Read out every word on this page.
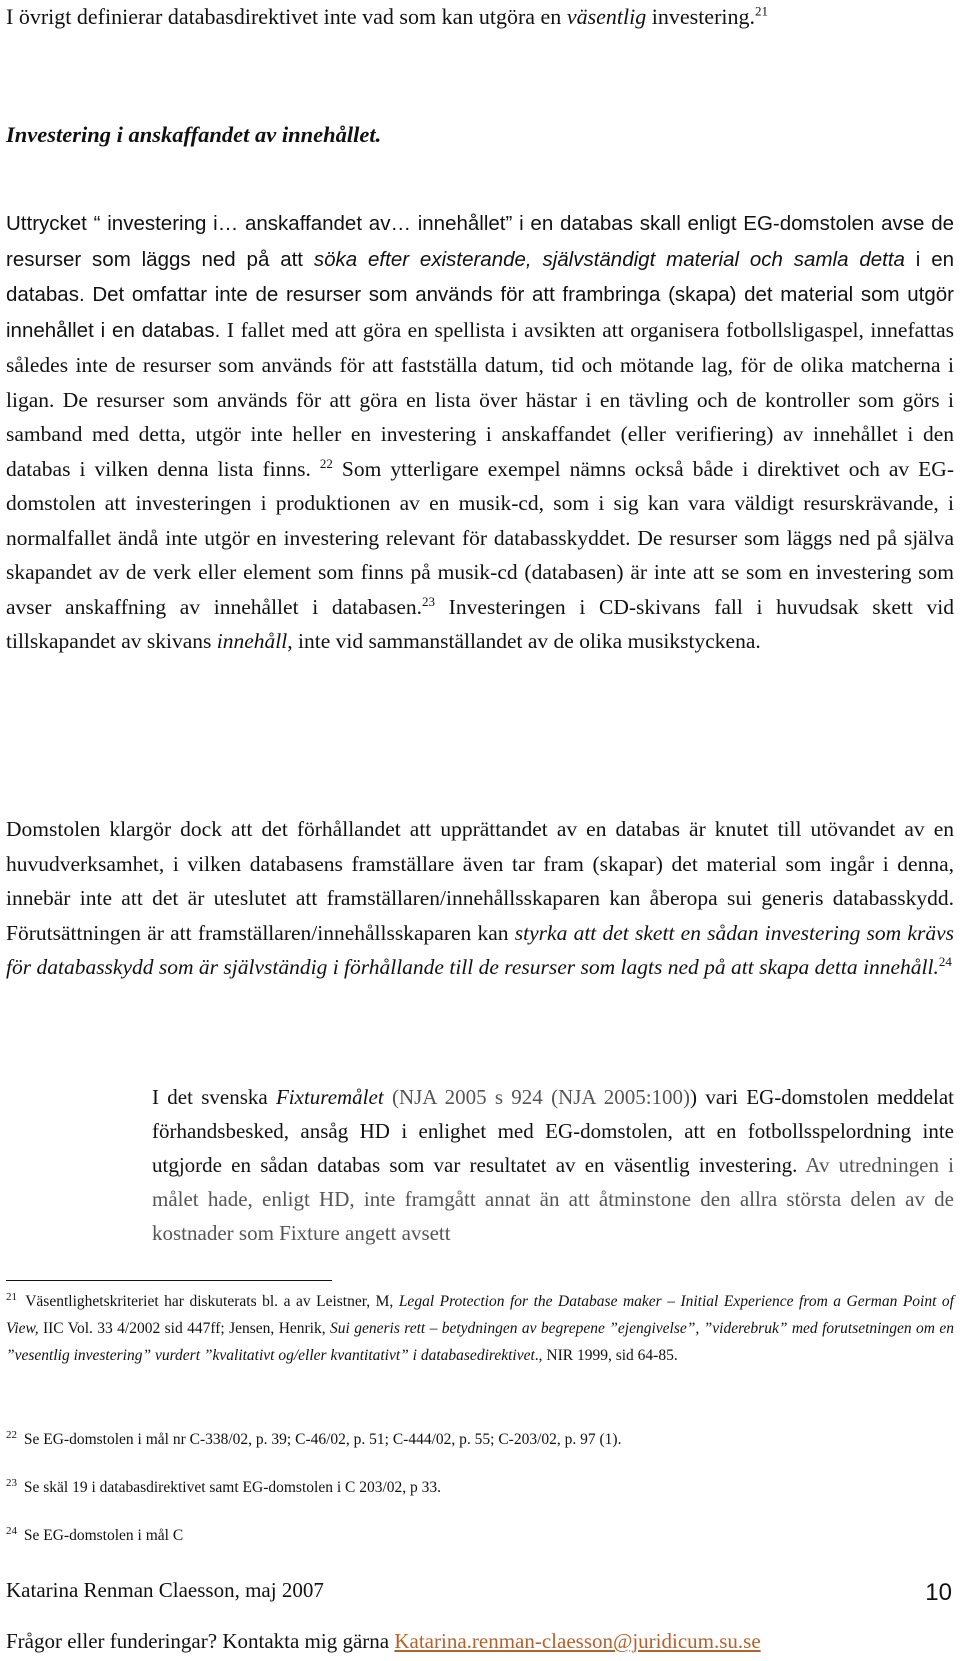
I övrigt definierar databasdirektivet inte vad som kan utgöra en väsentlig investering.$^{21}$
Investering i anskaffandet av innehållet.
Uttrycket “ investering i… anskaffandet av… innehållet” i en databas skall enligt EG-domstolen avse de resurser som läggs ned på att söka efter existerande, självständigt material och samla detta i en databas. Det omfattar inte de resurser som används för att frambringa (skapa) det material som utgör innehållet i en databas. I fallet med att göra en spellista i avsikten att organisera fotbollsligaspel, innefattas således inte de resurser som används för att fastställa datum, tid och mötande lag, för de olika matcherna i ligan. De resurser som används för att göra en lista över hästar i en tävling och de kontroller som görs i samband med detta, utgör inte heller en investering i anskaffandet (eller verifiering) av innehållet i den databas i vilken denna lista finns. $^{22}$ Som ytterligare exempel nämns också både i direktivet och av EG-domstolen att investeringen i produktionen av en musik-cd, som i sig kan vara väldigt resurskrävande, i normalfallet ändå inte utgör en investering relevant för databasskyddet. De resurser som läggs ned på själva skapandet av de verk eller element som finns på musik-cd (databasen) är inte att se som en investering som avser anskaffning av innehållet i databasen.$^{23}$ Investeringen i CD-skivans fall i huvudsak skett vid tillskapandet av skivans innehåll, inte vid sammanställandet av de olika musikstyckena.
Domstolen klargör dock att det förhållandet att upprättandet av en databas är knutet till utövandet av en huvudverksamhet, i vilken databasens framställare även tar fram (skapar) det material som ingår i denna, innebär inte att det är uteslutet att framställaren/innehållsskaparen kan åberopa sui generis databasskydd. Förutsättningen är att framställaren/innehållsskaparen kan styrka att det skett en sådan investering som krävs för databasskydd som är självständig i förhållande till de resurser som lagts ned på att skapa detta innehåll.$^{24}$
I det svenska Fixturemålet (NJA 2005 s 924 (NJA 2005:100)) vari EG-domstolen meddelat förhandsbesked, ansåg HD i enlighet med EG-domstolen, att en fotbollsspelordning inte utgjorde en sådan databas som var resultatet av en väsentlig investering. Av utredningen i målet hade, enligt HD, inte framgått annat än att åtminstone den allra största delen av de kostnader som Fixture angett avsett
$^{21}$ Väsentlighetskriteriet har diskuterats bl. a av Leistner, M, Legal Protection for the Database maker – Initial Experience from a German Point of View, IIC Vol. 33 4/2002 sid 447ff; Jensen, Henrik, Sui generis rett – betydningen av begrepene ”ejengivelse”, ”viderebruk” med forutsetningen om en ”vesentlig investering” vurdert ”kvalitativt og/eller kvantitativt” i databasedirektivet., NIR 1999, sid 64-85.
$^{22}$ Se EG-domstolen i mål nr C-338/02, p. 39; C-46/02, p. 51; C-444/02, p. 55; C-203/02, p. 97 (1).
$^{23}$ Se skäl 19 i databasdirektivet samt EG-domstolen i C 203/02, p 33.
$^{24}$ Se EG-domstolen i mål C
Katarina Renman Claesson, maj 2007	10
Frågor eller funderingar? Kontakta mig gärna Katarina.renman-claesson@juridicum.su.se
